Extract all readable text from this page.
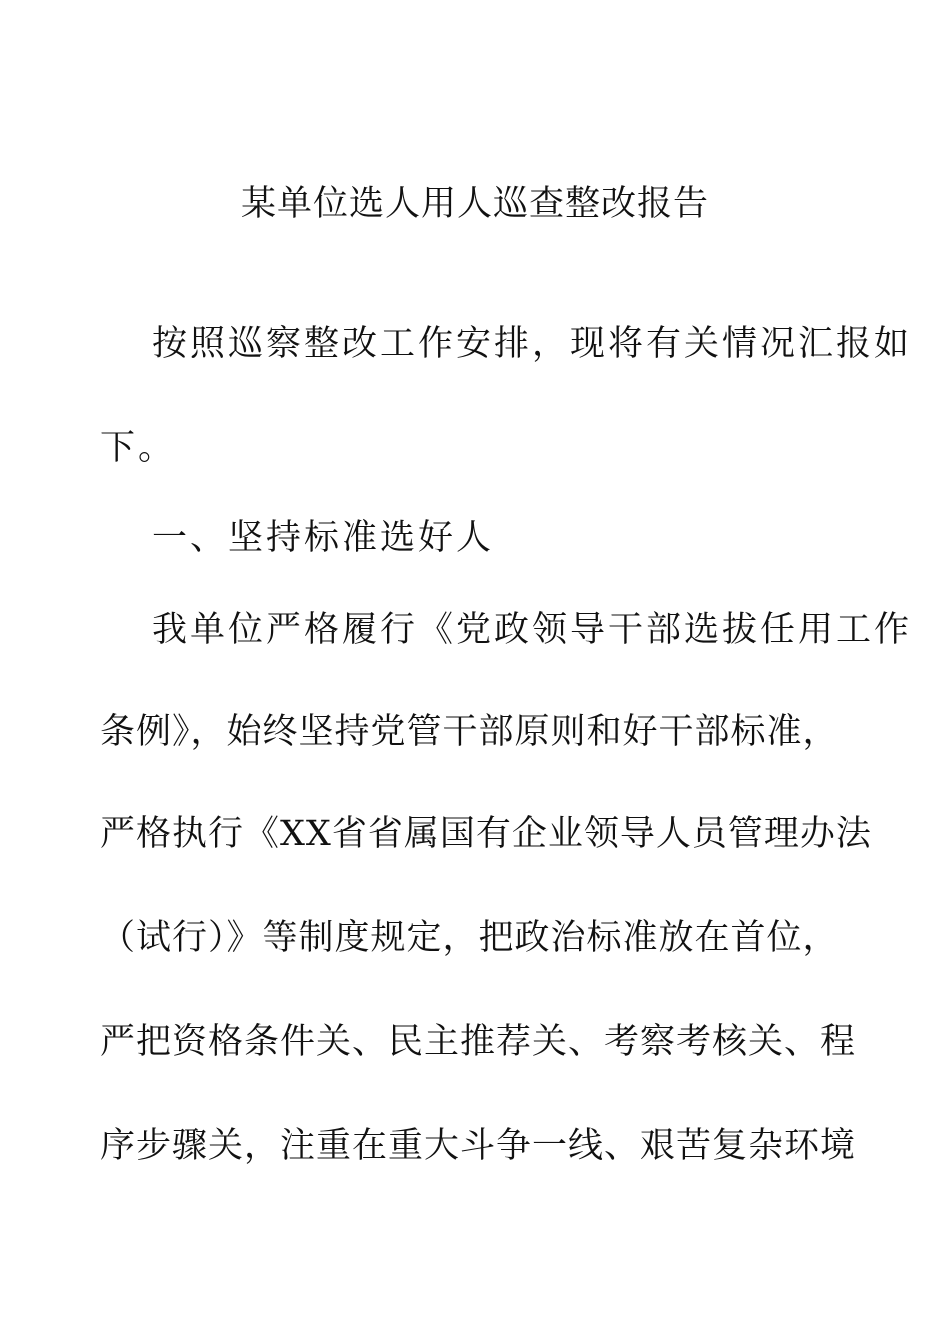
某单位选人用人巡查整改报告
按照巡察整改工作安排，现将有关情况汇报如
下。
一、坚持标准选好人
我单位严格履行《党政领导干部选拔任用工作
条例》，始终坚持党管干部原则和好干部标准，
严格执行《XX省省属国有企业领导人员管理办法
（试行）》等制度规定，把政治标准放在首位，
严把资格条件关、民主推荐关、考察考核关、程
序步骤关，注重在重大斗争一线、艰苦复杂环境
